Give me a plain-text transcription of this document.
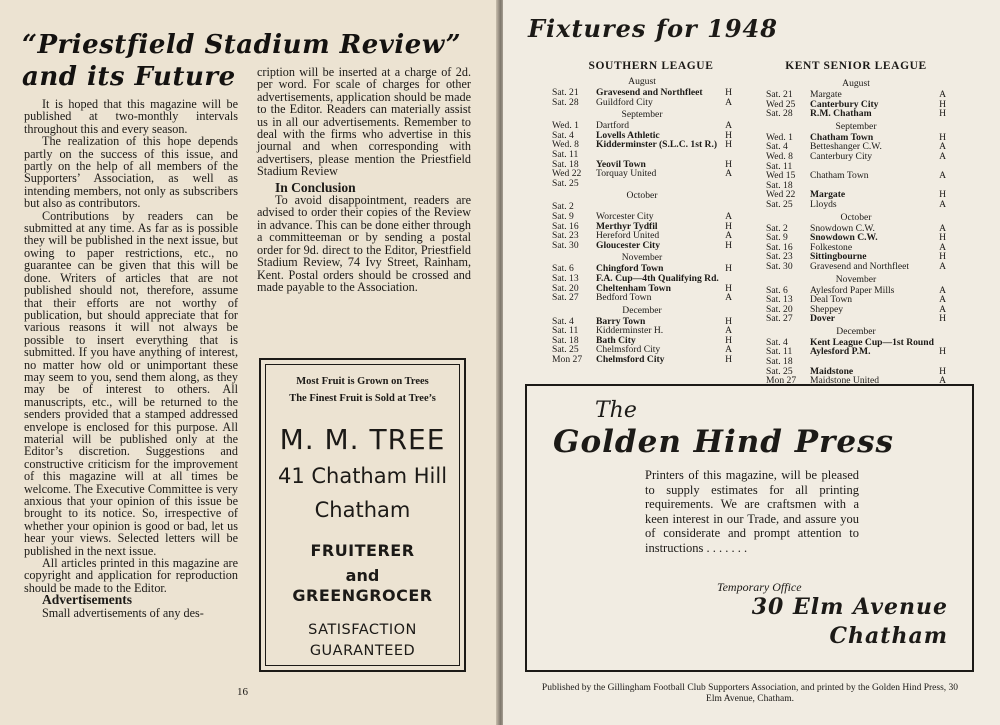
“Priestfield Stadium Review”
and its Future

It is hoped that this magazine will be published at two-monthly intervals throughout this and every season.

The realization of this hope depends partly on the success of this issue, and partly on the help of all members of the Supporters’ Association, as well as intending members, not only as subscribers but also as contributors.

Contributions by readers can be submitted at any time. As far as is possible they will be published in the next issue, but owing to paper restrictions, etc., no guarantee can be given that this will be done. Writers of articles that are not published should not, therefore, assume that their efforts are not worthy of publication, but should appreciate that for various reasons it will not always be possible to insert everything that is submitted. If you have anything of interest, no matter how old or unimportant these may seem to you, send them along, as they may be of interest to others. All manuscripts, etc., will be returned to the senders provided that a stamped addressed envelope is enclosed for this purpose. All material will be published only at the Editor’s discretion. Suggestions and constructive criticism for the improvement of this magazine will at all times be welcome. The Executive Committee is very anxious that your opinion of this issue be brought to its notice. So, irrespective of whether your opinion is good or bad, let us hear your views. Selected letters will be published in the next issue.

All articles printed in this magazine are copyright and application for reproduction should be made to the Editor.

Advertisements

Small advertisements of any des-

cription will be inserted at a charge of 2d. per word. For scale of charges for other advertisements, application should be made to the Editor. Readers can materially assist us in all our advertisements. Remember to deal with the firms who advertise in this journal and when corresponding with advertisers, please mention the Priestfield Stadium Review

In Conclusion

To avoid disappointment, readers are advised to order their copies of the Review in advance. This can be done either through a committeeman or by sending a postal order for 9d. direct to the Editor, Priestfield Stadium Review, 74 Ivy Street, Rainham, Kent. Postal orders should be crossed and made payable to the Association.

Most Fruit is Grown on Trees
The Finest Fruit is Sold at Tree’s
M. M. TREE
41 Chatham Hill
Chatham
FRUITERER
and
GREENGROCER
SATISFACTION
GUARANTEED
16
Fixtures for 1948
SOUTHERN LEAGUE	KENT SENIOR LEAGUE
August
Sat. 21 Gravesend and Northfleet H
Sat. 28 Guildford City	A
September
Wed. 1 Dartford	A
Sat. 4 Lovells Athletic	H
Wed. 8 Kidderminster (S.L.C. 1st R.) H
Sat. 11
Sat. 18 Yeovil Town	H
Wed 22 Torquay United	A
Sat. 25
October
Sat. 2
Sat. 9 Worcester City	A
Sat. 16 Merthyr Tydfil	H
Sat. 23 Hereford United	A
Sat. 30 Gloucester City	H
November
Sat. 6 Chingford Town	H
Sat. 13 F.A. Cup—4th Qualifying Rd.
Sat. 20 Cheltenham Town	H
Sat. 27 Bedford Town	A
December
Sat. 4 Barry Town	H
Sat. 11 Kidderminster H.	A
Sat. 18 Bath City	H
Sat. 25 Chelmsford City	A
Mon 27 Chelmsford City	H
August
Sat. 21 Margate	A
Wed 25 Canterbury City	H
Sat. 28 R.M. Chatham	H
September
Wed. 1 Chatham Town	H
Sat. 4 Betteshanger C.W.	A
Wed. 8 Canterbury City	A
Sat. 11
Wed 15 Chatham Town	A
Sat. 18
Wed 22 Margate	H
Sat. 25 Lloyds	A
October
Sat. 2 Snowdown C.W.	A
Sat. 9 Snowdown C.W.	H
Sat. 16 Folkestone	A
Sat. 23 Sittingbourne	H
Sat. 30 Gravesend and Northfleet	A
November
Sat. 6 Aylesford Paper Mills	A
Sat. 13 Deal Town	A
Sat. 20 Sheppey	A
Sat. 27 Dover	H
December
Sat. 4 Kent League Cup—1st Round
Sat. 11 Aylesford P.M.	H
Sat. 18
Sat. 25 Maidstone	H
Mon 27 Maidstone United	A
The
Golden Hind Press
Printers of this magazine, will be pleased to supply estimates for all printing requirements. We are craftsmen with a keen interest in our Trade, and assure you of considerate and prompt attention to instructions . . . . . . .
Temporary Office
30 Elm Avenue
Chatham
Published by the Gillingham Football Club Supporters Association, and printed by the Golden Hind Press, 30 Elm Avenue, Chatham.
